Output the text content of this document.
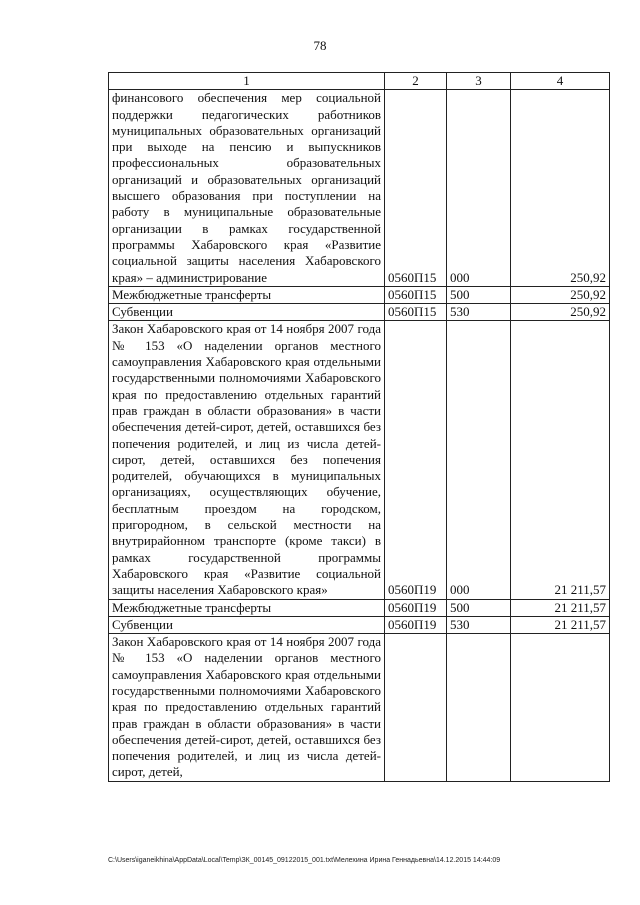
78
1	2	3	4
финансового обеспечения мер социальной поддержки педагогических работников муниципальных образовательных организаций при выходе на пенсию и выпускников профессиональных образовательных организаций и образовательных организаций высшего образования при поступлении на работу в муниципальные образовательные организации в рамках государственной программы Хабаровского края «Развитие социальной защиты населения Хабаровского края» – администрирование	0560П15	000	250,92
Межбюджетные трансферты	0560П15	500	250,92
Субвенции	0560П15	530	250,92
Закон Хабаровского края от 14 ноября 2007 года № 153 «О наделении органов местного самоуправления Хабаровского края отдельными государственными полномочиями Хабаровского края по предоставлению отдельных гарантий прав граждан в области образования» в части обеспечения детей-сирот, детей, оставшихся без попечения родителей, и лиц из числа детей-сирот, детей, оставшихся без попечения родителей, обучающихся в муниципальных организациях, осуществляющих обучение, бесплатным проездом на городском, пригородном, в сельской местности на внутрирайонном транспорте (кроме такси) в рамках государственной программы Хабаровского края «Развитие социальной защиты населения Хабаровского края»	0560П19	000	21 211,57
Межбюджетные трансферты	0560П19	500	21 211,57
Субвенции	0560П19	530	21 211,57
Закон Хабаровского края от 14 ноября 2007 года № 153 «О наделении органов местного самоуправления Хабаровского края отдельными государственными полномочиями Хабаровского края по предоставлению отдельных гарантий прав граждан в области образования» в части обеспечения детей-сирот, детей, оставшихся без попечения родителей, и лиц из числа детей-сирот, детей,			
C:\Users\iganeikhina\AppData\Local\Temp\ЗК_00145_09122015_001.txt\Мелехина Ирина Геннадьевна\14.12.2015 14:44:09
